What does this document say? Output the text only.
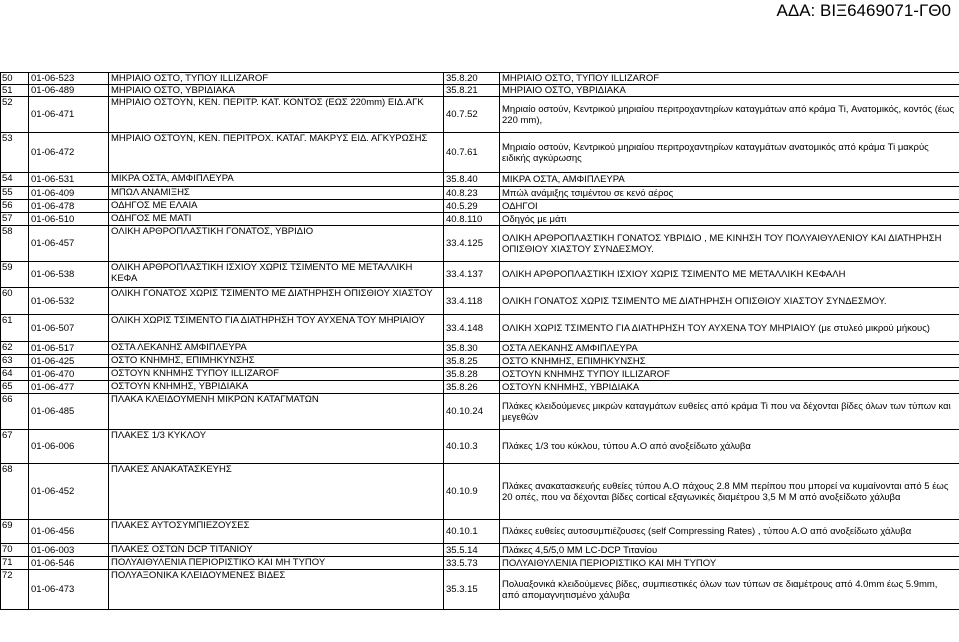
ΑΔΑ: ΒΙΞ6469071-ΓΘ0
50	01-06-523	ΜΗΡΙΑΙΟ ΟΣΤΟ, ΤΥΠΟΥ ILLIZAROF	35.8.20	ΜΗΡΙΑΙΟ ΟΣΤΟ, ΤΥΠΟΥ ILLIZAROF
51	01-06-489	ΜΗΡΙΑΙΟ ΟΣΤΟ, ΥΒΡΙΔΙΑΚΑ	35.8.21	ΜΗΡΙΑΙΟ ΟΣΤΟ, ΥΒΡΙΔΙΑΚΑ
52	01-06-471	ΜΗΡΙΑΙΟ ΟΣΤΟΥΝ, ΚΕΝ. ΠΕΡΙΤΡ. ΚΑΤ. ΚΟΝΤΟΣ (ΕΩΣ 220mm) ΕΙΔ.ΑΓΚ	40.7.52	Μηριαίο οστούν, Κεντρικού μηριαίου περιτροχαντηρίων καταγμάτων από κράμα Ti, Ανατομικός, κοντός (έως 220 mm),
53	01-06-472	ΜΗΡΙΑΙΟ ΟΣΤΟΥΝ, ΚΕΝ. ΠΕΡΙΤΡΟΧ. ΚΑΤΑΓ. ΜΑΚΡΥΣ ΕΙΔ. ΑΓΚΥΡΩΣΗΣ	40.7.61	Μηριαίο οστούν, Κεντρικού μηριαίου περιτροχαντηρίων καταγμάτων ανατομικός από κράμα Ti μακρύς ειδικής αγκύρωσης
54	01-06-531	ΜΙΚΡΑ ΟΣΤΑ, ΑΜΦΙΠΛΕΥΡΑ	35.8.40	ΜΙΚΡΑ ΟΣΤΑ, ΑΜΦΙΠΛΕΥΡΑ
55	01-06-409	ΜΠΩΛ ΑΝΑΜΙΞΗΣ	40.8.23	Μπώλ ανάμιξης τσιμέντου σε κενό αέρος
56	01-06-478	ΟΔΗΓΟΣ ΜΕ ΕΛΑΙΑ	40.5.29	ΟΔΗΓΟΙ
57	01-06-510	ΟΔΗΓΟΣ ΜΕ ΜΑΤΙ	40.8.110	Οδηγός με μάτι
58	01-06-457	ΟΛΙΚΗ ΑΡΘΡΟΠΛΑΣΤΙΚΗ ΓΟΝΑΤΟΣ, ΥΒΡΙΔΙΟ	33.4.125	ΟΛΙΚΗ ΑΡΘΡΟΠΛΑΣΤΙΚΗ ΓΟΝΑΤΟΣ ΥΒΡΙΔΙΟ , ΜΕ ΚΙΝΗΣΗ ΤΟΥ ΠΟΛΥΑΙΘΥΛΕΝΙΟΥ ΚΑΙ ΔΙΑΤΗΡΗΣΗ ΟΠΙΣΘΙΟΥ ΧΙΑΣΤΟΥ ΣΥΝΔΕΣΜΟΥ.
59	01-06-538	ΟΛΙΚΗ ΑΡΘΡΟΠΛΑΣΤΙΚΗ ΙΣΧΙΟΥ ΧΩΡΙΣ ΤΣΙΜΕΝΤΟ ΜΕ ΜΕΤΑΛΛΙΚΗ ΚΕΦΑ	33.4.137	ΟΛΙΚΗ ΑΡΘΡΟΠΛΑΣΤΙΚΗ ΙΣΧΙΟΥ ΧΩΡΙΣ ΤΣΙΜΕΝΤΟ ΜΕ ΜΕΤΑΛΛΙΚΗ ΚΕΦΑΛΗ
60	01-06-532	ΟΛΙΚΗ ΓΟΝΑΤΟΣ ΧΩΡΙΣ ΤΣΙΜΕΝΤΟ ΜΕ ΔΙΑΤΗΡΗΣΗ ΟΠΙΣΘΙΟΥ ΧΙΑΣΤΟΥ	33.4.118	ΟΛΙΚΗ ΓΟΝΑΤΟΣ ΧΩΡΙΣ ΤΣΙΜΕΝΤΟ ΜΕ ΔΙΑΤΗΡΗΣΗ ΟΠΙΣΘΙΟΥ ΧΙΑΣΤΟΥ ΣΥΝΔΕΣΜΟΥ.
61	01-06-507	ΟΛΙΚΗ ΧΩΡΙΣ ΤΣΙΜΕΝΤΟ ΓΙΑ ΔΙΑΤΗΡΗΣΗ ΤΟΥ ΑΥΧΕΝΑ ΤΟΥ ΜΗΡΙΑΙΟΥ	33.4.148	ΟΛΙΚΗ ΧΩΡΙΣ ΤΣΙΜΕΝΤΟ ΓΙΑ ΔΙΑΤΗΡΗΣΗ ΤΟΥ ΑΥΧΕΝΑ ΤΟΥ ΜΗΡΙΑΙΟΥ (με στυλεό μικρού μήκους)
62	01-06-517	ΟΣΤΑ ΛΕΚΑΝΗΣ ΑΜΦΙΠΛΕΥΡΑ	35.8.30	ΟΣΤΑ ΛΕΚΑΝΗΣ ΑΜΦΙΠΛΕΥΡΑ
63	01-06-425	ΟΣΤΟ ΚΝΗΜΗΣ, ΕΠΙΜΗΚΥΝΣΗΣ	35.8.25	ΟΣΤΟ ΚΝΗΜΗΣ, ΕΠΙΜΗΚΥΝΣΗΣ
64	01-06-470	ΟΣΤΟΥΝ ΚΝΗΜΗΣ ΤΥΠΟΥ ILLIZAROF	35.8.28	ΟΣΤΟΥΝ ΚΝΗΜΗΣ ΤΥΠΟΥ ILLIZAROF
65	01-06-477	ΟΣΤΟΥΝ ΚΝΗΜΗΣ, ΥΒΡΙΔΙΑΚΑ	35.8.26	ΟΣΤΟΥΝ ΚΝΗΜΗΣ, ΥΒΡΙΔΙΑΚΑ
66	01-06-485	ΠΛΑΚΑ ΚΛΕΙΔΟΥΜΕΝΗ ΜΙΚΡΩΝ ΚΑΤΑΓΜΑΤΩΝ	40.10.24	Πλάκες κλειδούμενες μικρών καταγμάτων ευθείες από κράμα Ti που να δέχονται βίδες όλων των τύπων και μεγεθών
67	01-06-006	ΠΛΑΚΕΣ 1/3 ΚΥΚΛΟΥ	40.10.3	Πλάκες 1/3 του κύκλου, τύπου Α.Ο από ανοξείδωτο χάλυβα
68	01-06-452	ΠΛΑΚΕΣ ΑΝΑΚΑΤΑΣΚΕΥΗΣ	40.10.9	Πλάκες ανακατασκευής ευθείες τύπου Α.Ο πάχους 2.8 ΜΜ περίπου που μπορεί να κυμαίνονται από 5 έως 20 οπές, που να δέχονται βίδες cortical εξαγωνικές διαμέτρου 3,5 Μ Μ από ανοξείδωτο χάλυβα
69	01-06-456	ΠΛΑΚΕΣ ΑΥΤΟΣΥΜΠΙΕΖΟΥΣΕΣ	40.10.1	Πλάκες ευθείες αυτοσυμπιέζουσες (self Compressing Rates) , τύπου Α.Ο από ανοξείδωτο χάλυβα
70	01-06-003	ΠΛΑΚΕΣ ΟΣΤΩΝ DCP ΤΙΤΑΝΙΟΥ	35.5.14	Πλάκες 4,5/5,0 ΜΜ LC-DCP Τιτανίου
71	01-06-546	ΠΟΛΥΑΙΘΥΛΕΝΙΑ ΠΕΡΙΟΡΙΣΤΙΚΟ ΚΑΙ ΜΗ ΤΥΠΟΥ	33.5.73	ΠΟΛΥΑΙΘΥΛΕΝΙΑ ΠΕΡΙΟΡΙΣΤΙΚΟ ΚΑΙ ΜΗ ΤΥΠΟΥ
72	01-06-473	ΠΟΛΥΑΞΟΝΙΚΑ ΚΛΕΙΔΟΥΜΕΝΕΣ ΒΙΔΕΣ	35.3.15	Πολυαξονικά κλειδούμενες βίδες, συμπιεστικές όλων των τύπων σε διαμέτρους από 4.0mm έως 5.9mm, από απομαγνητισμένο χάλυβα
